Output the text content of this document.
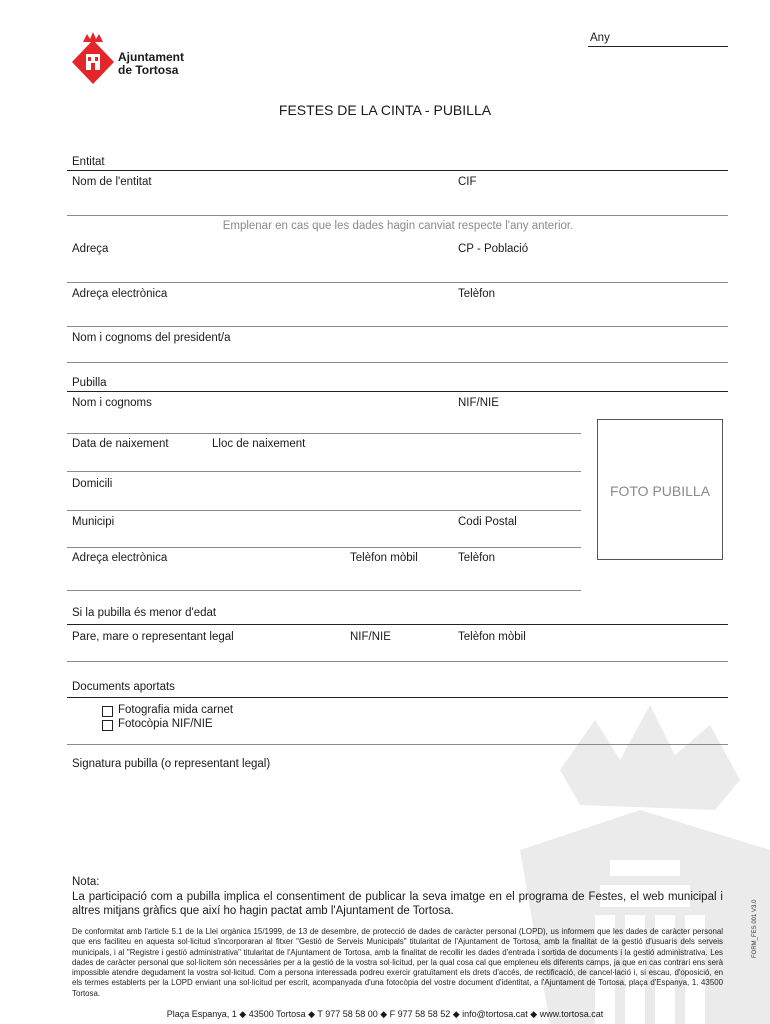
Ajuntament
de Tortosa
Any
FESTES DE LA CINTA - PUBILLA
Entitat
Nom de l'entitat	CIF
Emplenar en cas que les dades hagin canviat respecte l'any anterior.
Adreça	CP - Població
Adreça electrònica	Telèfon
Nom i cognoms del president/a
Pubilla
Nom i cognoms	NIF/NIE
Data de naixement	Lloc de naixement
Domicili
Municipi	Codi Postal
Adreça electrònica	Telèfon mòbil	Telèfon
FOTO PUBILLA
Si la pubilla és menor d'edat
Pare, mare o representant legal	NIF/NIE	Telèfon mòbil
Documents aportats
Fotografia mida carnet
Fotocòpia NIF/NIE
Signatura pubilla (o representant legal)
Nota:
La participació com a pubilla implica el consentiment de publicar la seva imatge en el programa de Festes, el web municipal i altres mitjans gràfics que així ho hagin pactat amb l'Ajuntament de Tortosa.
De conformitat amb l'article 5.1 de la Llei orgànica 15/1999, de 13 de desembre, de protecció de dades de caràcter personal (LOPD), us informem que les dades de caràcter personal que ens faciliteu en aquesta sol·licitud s'incorporaran al fitxer "Gestió de Serveis Municipals" titularitat de l'Ajuntament de Tortosa, amb la finalitat de la gestió d'usuaris dels serveis municipals, i al "Registre i gestió administrativa" titularitat de l'Ajuntament de Tortosa, amb la finalitat de recollir les dades d'entrada i sortida de documents i la gestió administrativa. Les dades de caràcter personal que sol·licitem són necessàries per a la gestió de la vostra sol·licitud, per la qual cosa cal que empleneu els diferents camps, ja que en cas contrari ens serà impossible atendre degudament la vostra sol·licitud. Com a persona interessada podreu exercir gratuïtament els drets d'accés, de rectificació, de cancel·lació i, si escau, d'oposició, en els termes establerts per la LOPD enviant una sol·licitud per escrit, acompanyada d'una fotocòpia del vostre document d'identitat, a l'Ajuntament de Tortosa, plaça d'Espanya, 1. 43500 Tortosa.
Plaça Espanya, 1 ◆ 43500 Tortosa ◆ T 977 58 58 00 ◆ F 977 58 58 52 ◆ info@tortosa.cat ◆ www.tortosa.cat
FORM_FES 001 V3.0
